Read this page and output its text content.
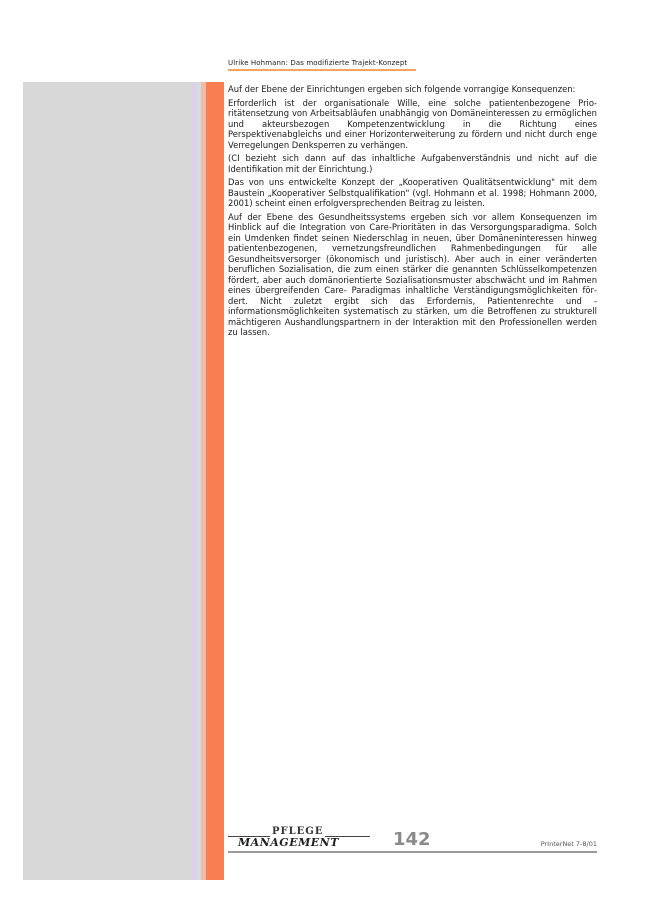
Ulrike Hohmann: Das modifizierte Trajekt-Konzept

Auf der Ebene der Einrichtungen ergeben sich folgende vorrangige Konsequenzen:

Erforderlich ist der organisationale Wille, eine solche patientenbezogene Prioritätensetzung von Arbeitsabläufen unabhängig von Domäneinteressen zu ermöglichen und akteursbezogen Kompetenzentwicklung in die Richtung eines Perspektivenabgleichs und einer Horizonterweiterung zu fördern und nicht durch enge Verregelungen Denksperren zu verhängen.

(CI bezieht sich dann auf das inhaltliche Aufgabenverständnis und nicht auf die Identifikation mit der Einrichtung.)

Das von uns entwickelte Konzept der „Kooperativen Qualitätsentwicklung" mit dem Baustein „Kooperativer Selbstqualifikation" (vgl. Hohmann et al. 1998; Hohmann 2000, 2001) scheint einen erfolgversprechenden Beitrag zu leisten.

Auf der Ebene des Gesundheitssystems ergeben sich vor allem Konsequenzen im Hinblick auf die Integration von Care-Prioritäten in das Versorgungsparadigma. Solch ein Umdenken findet seinen Niederschlag in neuen, über Domäneninteressen hinweg patientenbezogenen, vernetzungsfreundlichen Rahmenbedingungen für alle Gesundheitsversorger (ökonomisch und juristisch). Aber auch in einer veränderten beruflichen Sozialisation, die zum einen stärker die genannten Schlüsselkompetenzen fördert, aber auch domänorientierte Sozialisationsmuster abschwächt und im Rahmen eines übergreifenden Care- Paradigmas inhaltliche Verständigungsmöglichkeiten fördert. Nicht zuletzt ergibt sich das Erfordernis, Patientenrechte und -informationsmöglichkeiten systematisch zu stärken, um die Betroffenen zu strukturell mächtigeren Aushandlungspartnern in der Interaktion mit den Professionellen werden zu lassen.

PFLEGE
MANAGEMENT	142	PrInterNet 7-8/01
